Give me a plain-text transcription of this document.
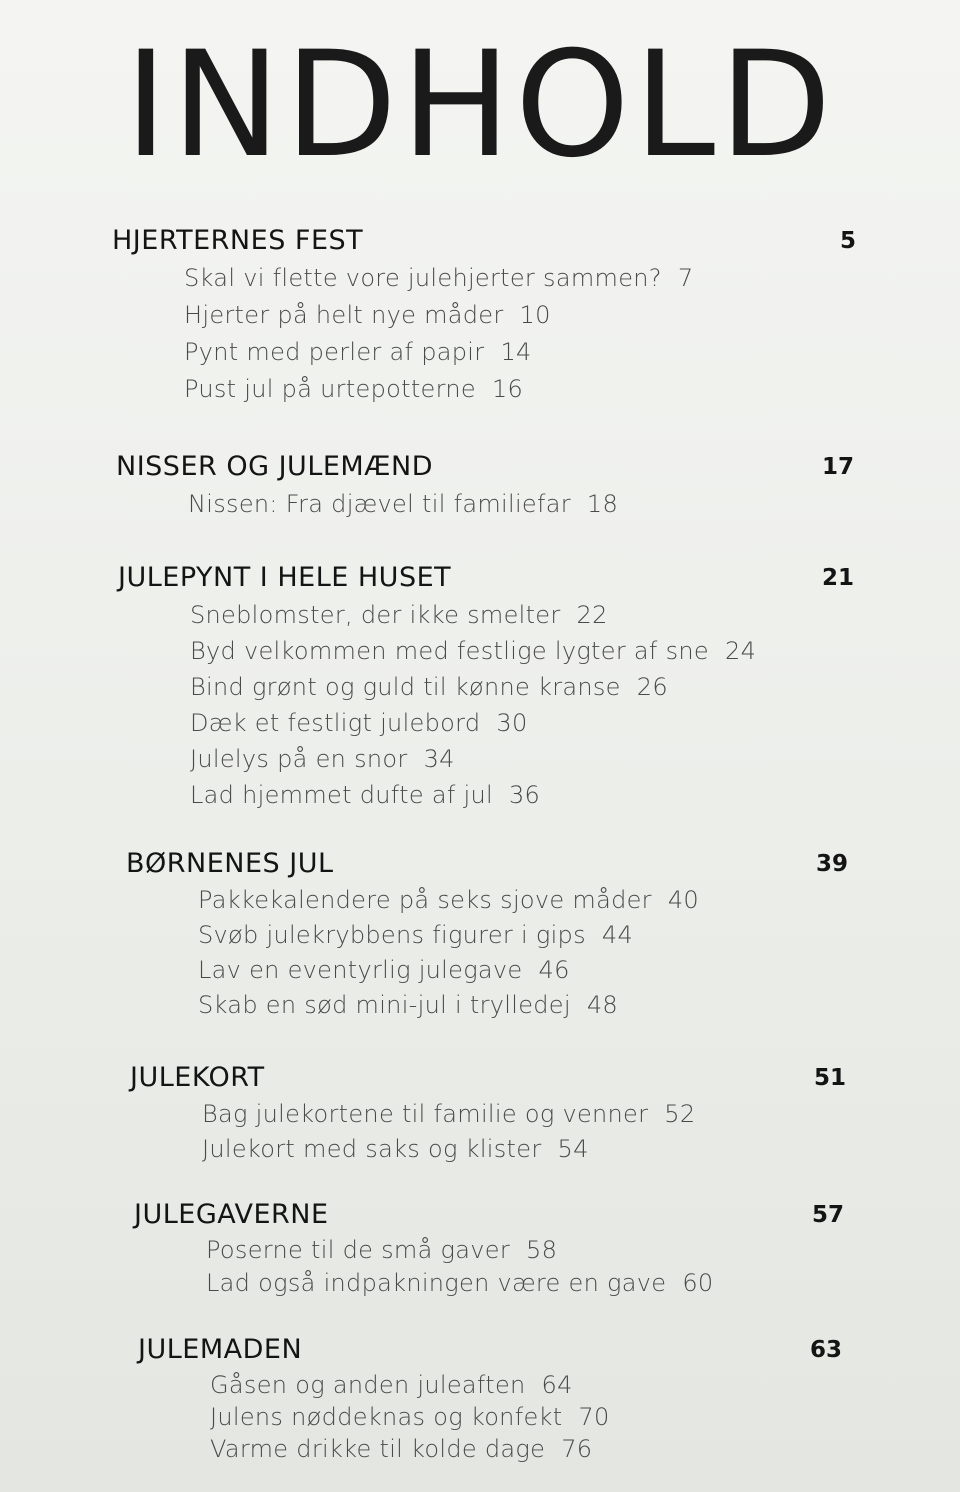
INDHOLD
HJERTERNES FEST	5
Skal vi flette vore julehjerter sammen? 7
Hjerter på helt nye måder 10
Pynt med perler af papir 14
Pust jul på urtepotterne 16
NISSER OG JULEMÆND	17
Nissen: Fra djævel til familiefar 18
JULEPYNT I HELE HUSET	21
Sneblomster, der ikke smelter 22
Byd velkommen med festlige lygter af sne 24
Bind grønt og guld til kønne kranse 26
Dæk et festligt julebord 30
Julelys på en snor 34
Lad hjemmet dufte af jul 36
BØRNENES JUL	39
Pakkekalendere på seks sjove måder 40
Svøb julekrybbens figurer i gips 44
Lav en eventyrlig julegave 46
Skab en sød mini-jul i trylledej 48
JULEKORT	51
Bag julekortene til familie og venner 52
Julekort med saks og klister 54
JULEGAVERNE	57
Poserne til de små gaver 58
Lad også indpakningen være en gave 60
JULEMADEN	63
Gåsen og anden juleaften 64
Julens nøddeknas og konfekt 70
Varme drikke til kolde dage 76
